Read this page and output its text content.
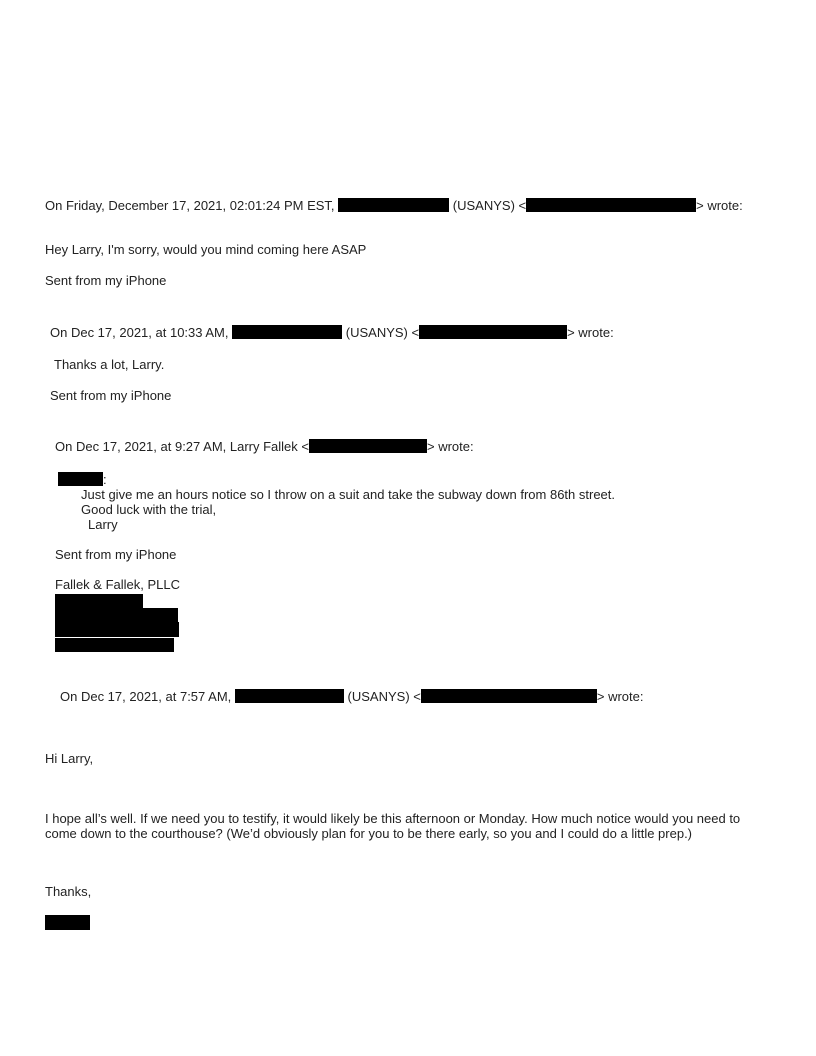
On Friday, December 17, 2021, 02:01:24 PM EST,	(USANYS) <	> wrote:
Hey Larry, I'm sorry, would you mind coming here ASAP
Sent from my iPhone
On Dec 17, 2021, at 10:33 AM,	(USANYS) <	> wrote:
Thanks a lot, Larry.
Sent from my iPhone
On Dec 17, 2021, at 9:27 AM, Larry Fallek <	> wrote:
:
Just give me an hours notice so I throw on a suit and take the subway down from 86th street.
Good luck with the trial,
Larry
Sent from my iPhone
Fallek & Fallek, PLLC
On Dec 17, 2021, at 7:57 AM,	(USANYS) <	> wrote:
Hi Larry,
I hope all’s well. If we need you to testify, it would likely be this afternoon or Monday. How much notice would you need to
come down to the courthouse? (We’d obviously plan for you to be there early, so you and I could do a little prep.)
Thanks,
